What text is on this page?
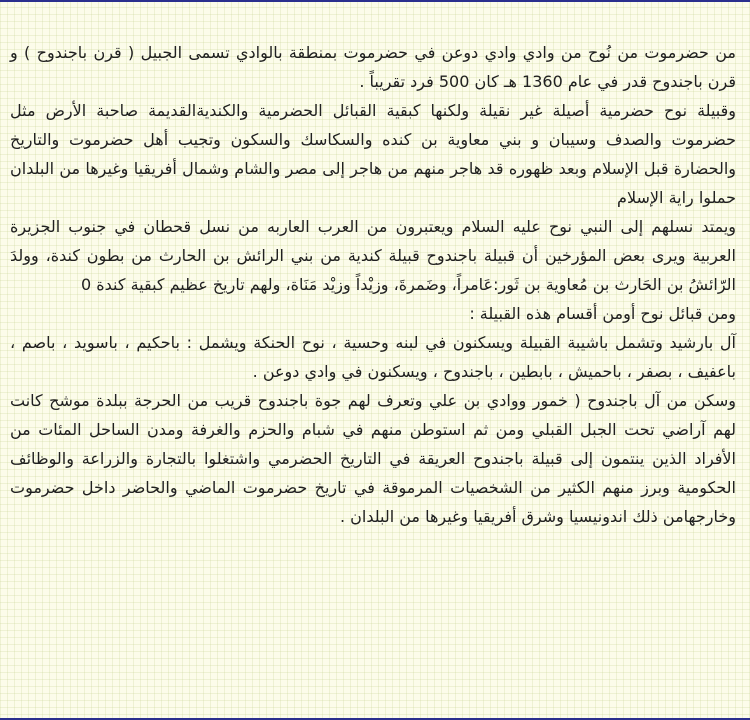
من حضرموت من نُوح من وادي وادي دوعن في حضرموت بمنطقة بالوادي تسمى الجبيل ( قرن باجندوح ) و قرن باجندوح قدر في عام 1360 هـ كان 500 فرد تقريباً .

وقبيلة نوح حضرمية أصيلة غير نقيلة ولكنها كبقية القبائل الحضرمية والكنديةالقديمة صاحبة الأرض مثل حضرموت والصدف وسيبان و بني معاوية بن كنده والسكاسك والسكون وتجيب أهل حضرموت والتاريخ والحضارة قبل الإسلام وبعد ظهوره قد هاجر منهم من هاجر إلى مصر والشام وشمال أفريقيا وغيرها من البلدان حملوا راية الإسلام

ويمتد نسلهم إلى النبي نوح عليه السلام ويعتبرون من العرب العاربه من نسل قحطان في جنوب الجزيرة العربية ويرى بعض المؤرخين أن قبيلة باجندوح قبيلة كندية من بني الرائش بن الحارث من بطون كندة، وولدَ الرّائشُ بن الحَارث بن مُعاوية بن ثَور:عَامراً، وضَمرةَ، وزيْداً وزيْد مَنَاة، ولهم تاريخ عظيم كبقية كندة 0

ومن قبائل نوح أومن أقسام هذه القبيلة :

آل بارشيد وتشمل باشيبة القبيلة ويسكنون في لبنه وحسية ، نوح الحنكة ويشمل : باحكيم ، باسويد ، باصم ، باعفيف ، بصفر ، باحميش ، بابطين ، باجندوح ، ويسكنون في وادي دوعن .

وسكن من آل باجندوح ( خمور ووادي بن علي وتعرف لهم جوة باجندوح قريب من الحرجة ببلدة موشح كانت لهم آراضي تحت الجبل القبلي ومن ثم استوطن منهم في شبام والحزم والغرفة ومدن الساحل المئات من الأفراد الذين ينتمون إلى قبيلة باجندوح العريقة في التاريخ الحضرمي واشتغلوا بالتجارة والزراعة والوظائف الحكومية وبرز منهم الكثير من الشخصيات المرموقة في تاريخ حضرموت الماضي والحاضر داخل حضرموت وخارجهامن ذلك اندونيسيا وشرق أفريقيا وغيرها من البلدان .
